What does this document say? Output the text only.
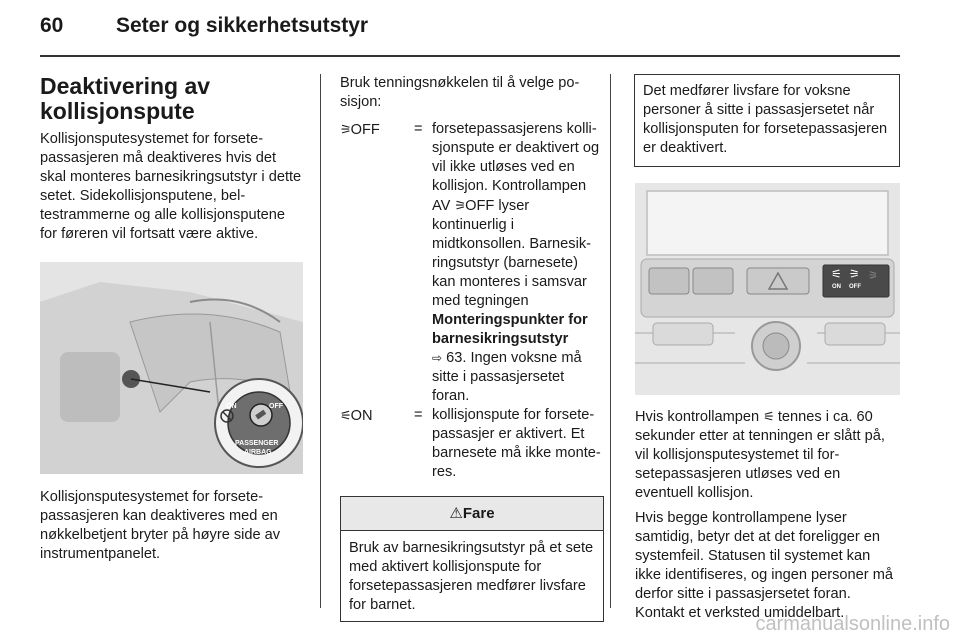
60	Seter og sikkerhetsutstyr
Deaktivering av kollisjonspute

Kollisjonsputesystemet for forsetepassasjeren må deaktiveres hvis det skal monteres barnesikringsutstyr i dette setet. Sidekollisjonsputene, beltestrammerne og alle kollisjonsputene for føreren vil fortsatt være aktive.

ON	OFF
PASSENGER
AIRBAG

Kollisjonsputesystemet for forsetepassasjeren kan deaktiveres med en nøkkelbetjent bryter på høyre side av instrumentpanelet.

Bruk tenningsnøkkelen til å velge posisjon:

⚞OFF	= forsetepassasjerens kollisjonspute er deaktivert og vil ikke utløses ved en kollisjon. Kontrollampen AV ⚞OFF lyser kontinuerlig i midtkonsollen. Barnesikringsutstyr (barnesete) kan monteres i samsvar med tegningen Monteringspunkter for barnesikringsutstyr
⇨ 63. Ingen voksne må sitte i passasjersetet foran.
⚟ON	= kollisjonspute for forsetepassasjer er aktivert. Et barnesete må ikke monteres.
⚠Fare
Bruk av barnesikringsutstyr på et sete med aktivert kollisjonspute for forsetepassasjeren medfører livsfare for barnet.
Det medfører livsfare for voksne personer å sitte i passasjersetet når kollisjonsputen for forsetepassasjeren er deaktivert.
⚟ ⚞ ⚞
ON OFF

Hvis kontrollampen ⚟ tennes i ca. 60 sekunder etter at tenningen er slått på, vil kollisjonsputesystemet til forsetepassasjeren utløses ved en eventuell kollisjon.

Hvis begge kontrollampene lyser samtidig, betyr det at det foreligger en systemfeil. Statusen til systemet kan ikke identifiseres, og ingen personer må derfor sitte i passasjersetet foran. Kontakt et verksted umiddelbart.

carmanualsonline.info
